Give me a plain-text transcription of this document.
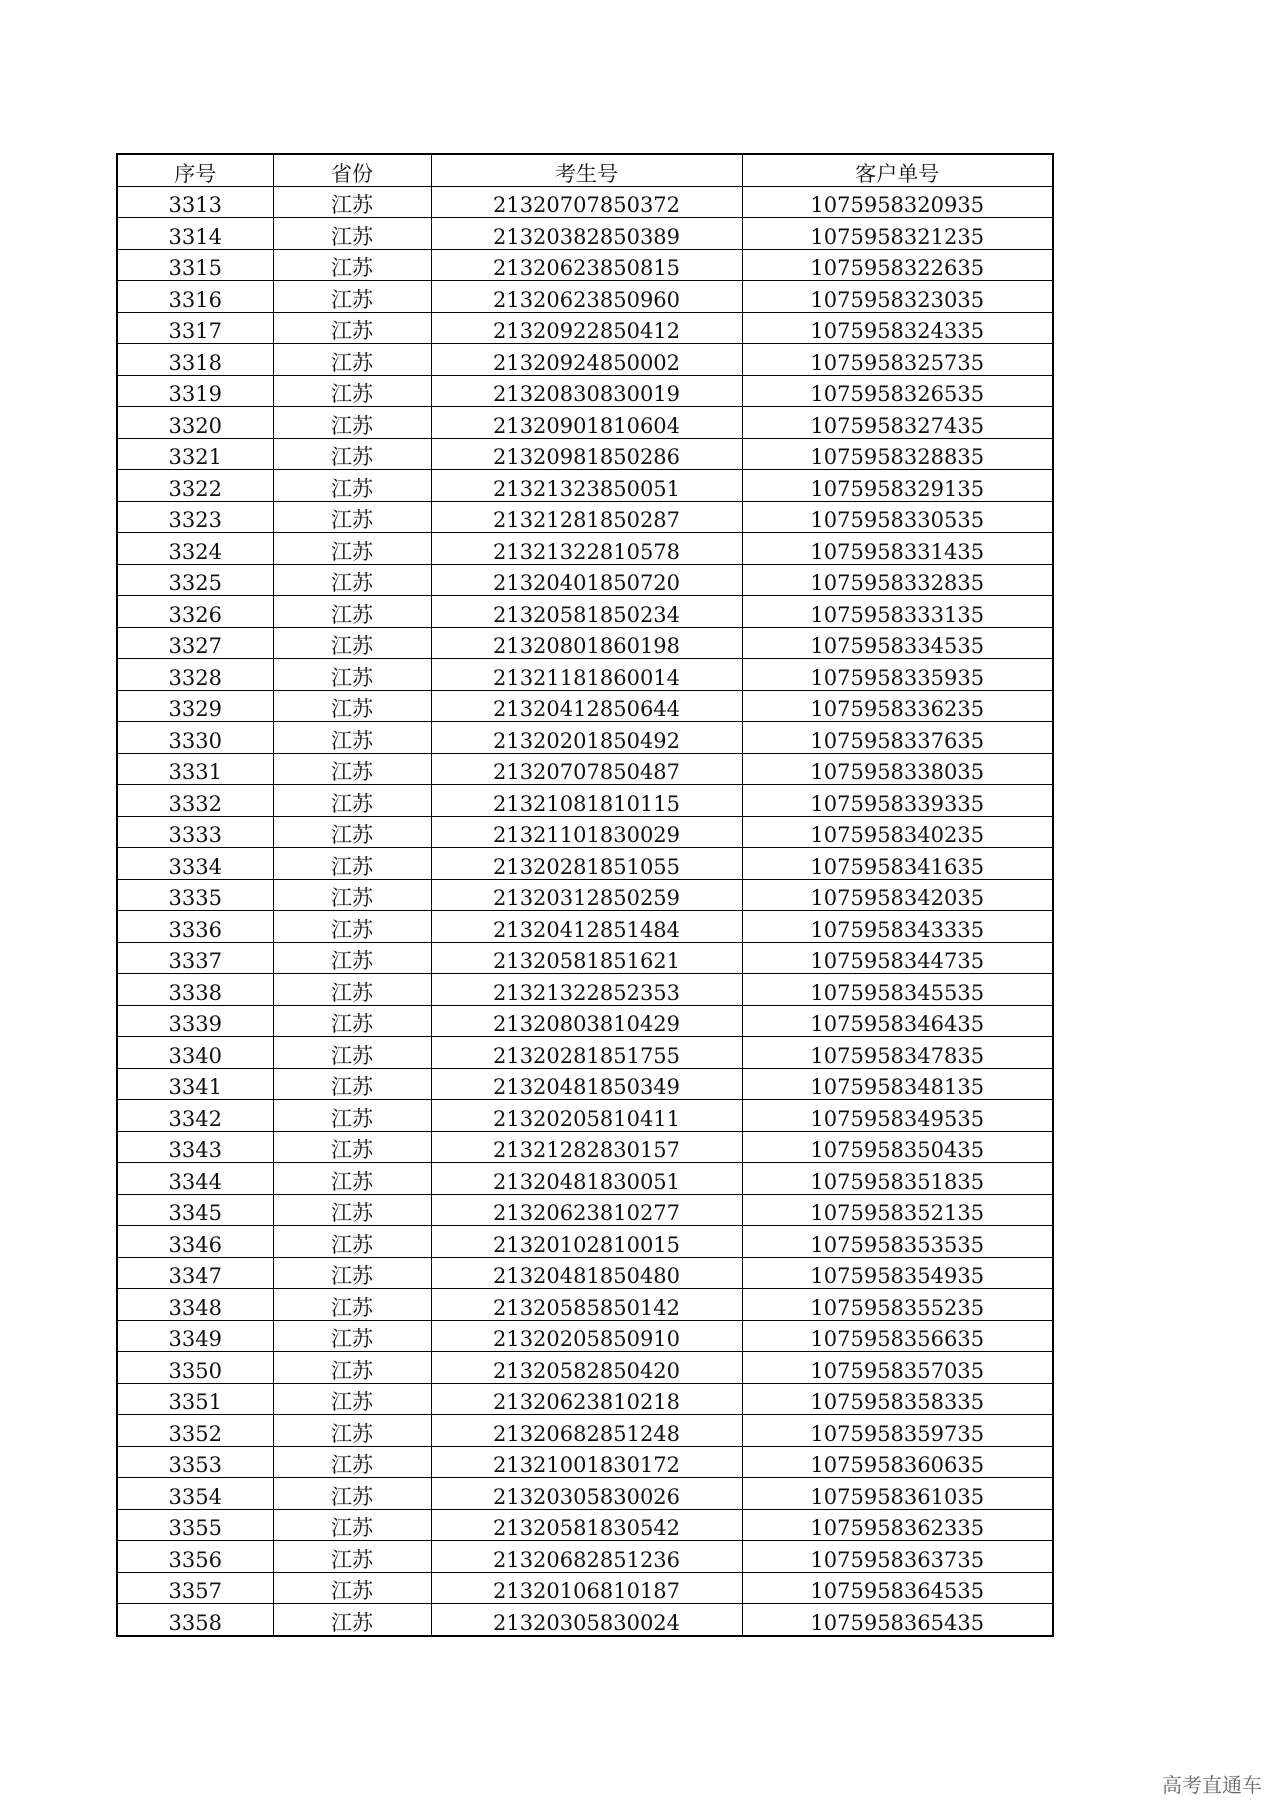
序号	省份	考生号	客户单号
3313	江苏	21320707850372	1075958320935
3314	江苏	21320382850389	1075958321235
3315	江苏	21320623850815	1075958322635
3316	江苏	21320623850960	1075958323035
3317	江苏	21320922850412	1075958324335
3318	江苏	21320924850002	1075958325735
3319	江苏	21320830830019	1075958326535
3320	江苏	21320901810604	1075958327435
3321	江苏	21320981850286	1075958328835
3322	江苏	21321323850051	1075958329135
3323	江苏	21321281850287	1075958330535
3324	江苏	21321322810578	1075958331435
3325	江苏	21320401850720	1075958332835
3326	江苏	21320581850234	1075958333135
3327	江苏	21320801860198	1075958334535
3328	江苏	21321181860014	1075958335935
3329	江苏	21320412850644	1075958336235
3330	江苏	21320201850492	1075958337635
3331	江苏	21320707850487	1075958338035
3332	江苏	21321081810115	1075958339335
3333	江苏	21321101830029	1075958340235
3334	江苏	21320281851055	1075958341635
3335	江苏	21320312850259	1075958342035
3336	江苏	21320412851484	1075958343335
3337	江苏	21320581851621	1075958344735
3338	江苏	21321322852353	1075958345535
3339	江苏	21320803810429	1075958346435
3340	江苏	21320281851755	1075958347835
3341	江苏	21320481850349	1075958348135
3342	江苏	21320205810411	1075958349535
3343	江苏	21321282830157	1075958350435
3344	江苏	21320481830051	1075958351835
3345	江苏	21320623810277	1075958352135
3346	江苏	21320102810015	1075958353535
3347	江苏	21320481850480	1075958354935
3348	江苏	21320585850142	1075958355235
3349	江苏	21320205850910	1075958356635
3350	江苏	21320582850420	1075958357035
3351	江苏	21320623810218	1075958358335
3352	江苏	21320682851248	1075958359735
3353	江苏	21321001830172	1075958360635
3354	江苏	21320305830026	1075958361035
3355	江苏	21320581830542	1075958362335
3356	江苏	21320682851236	1075958363735
3357	江苏	21320106810187	1075958364535
3358	江苏	21320305830024	1075958365435
高考直通车
